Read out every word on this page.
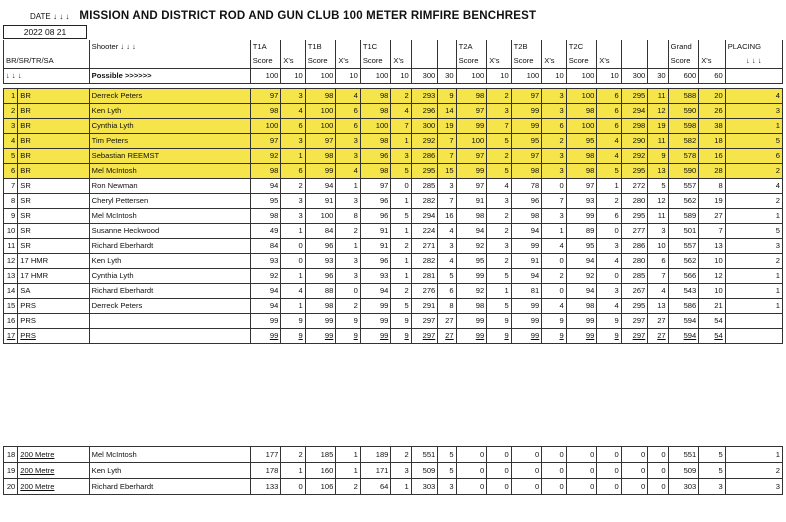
DATE ↓ ↓ ↓ MISSION AND DISTRICT ROD AND GUN CLUB 100 METER RIMFIRE BENCHREST
2022 08 21
		Shooter ↓ ↓ ↓	T1A		T1B		T1C				T2A		T2B		T2C				Grand		PLACING
BR/SR/TR/SA			Score	X's	Score	X's	Score	X's			Score	X's	Score	X's	Score	X's			Score	X's	↓ ↓ ↓
↓ ↓ ↓		Possible >>>>>>	100	10	100	10	100	10	300	30	100	10	100	10	100	10	300	30	600	60	

1	BR	Derreck Peters	97	3	98	4	98	2	293	9	98	2	97	3	100	6	295	11	588	20	4
2	BR	Ken Lyth	98	4	100	6	98	4	296	14	97	3	99	3	98	6	294	12	590	26	3
3	BR	Cynthia Lyth	100	6	100	6	100	7	300	19	99	7	99	6	100	6	298	19	598	38	1
4	BR	Tim Peters	97	3	97	3	98	1	292	7	100	5	95	2	95	4	290	11	582	18	5
5	BR	Sebastian REEMST	92	1	98	3	96	3	286	7	97	2	97	3	98	4	292	9	578	16	6
6	BR	Mel McIntosh	98	6	99	4	98	5	295	15	99	5	98	3	98	5	295	13	590	28	2
7	SR	Ron Newman	94	2	94	1	97	0	285	3	97	4	78	0	97	1	272	5	557	8	4
8	SR	Cheryl Pettersen	95	3	91	3	96	1	282	7	91	3	96	7	93	2	280	12	562	19	2
9	SR	Mel McIntosh	98	3	100	8	96	5	294	16	98	2	98	3	99	6	295	11	589	27	1
10	SR	Susanne Heckwood	49	1	84	2	91	1	224	4	94	2	94	1	89	0	277	3	501	7	5
11	SR	Richard Eberhardt	84	0	96	1	91	2	271	3	92	3	99	4	95	3	286	10	557	13	3
12	17 HMR	Ken Lyth	93	0	93	3	96	1	282	4	95	2	91	0	94	4	280	6	562	10	2
13	17 HMR	Cynthia Lyth	92	1	96	3	93	1	281	5	99	5	94	2	92	0	285	7	566	12	1
14	SA	Richard Eberhardt	94	4	88	0	94	2	276	6	92	1	81	0	94	3	267	4	543	10	1
15	PRS	Derreck Peters	94	1	98	2	99	5	291	8	98	5	99	4	98	4	295	13	586	21	1
16	PRS		99	9	99	9	99	9	297	27	99	9	99	9	99	9	297	27	594	54	
17	PRS		99	9	99	9	99	9	297	27	99	9	99	9	99	9	297	27	594	54	
18	200 Metre	Mel McIntosh	177	2	185	1	189	2	551	5	0	0	0	0	0	0	0	0	551	5	1
19	200 Metre	Ken Lyth	178	1	160	1	171	3	509	5	0	0	0	0	0	0	0	0	509	5	2
20	200 Metre	Richard Eberhardt	133	0	106	2	64	1	303	3	0	0	0	0	0	0	0	0	303	3	3
